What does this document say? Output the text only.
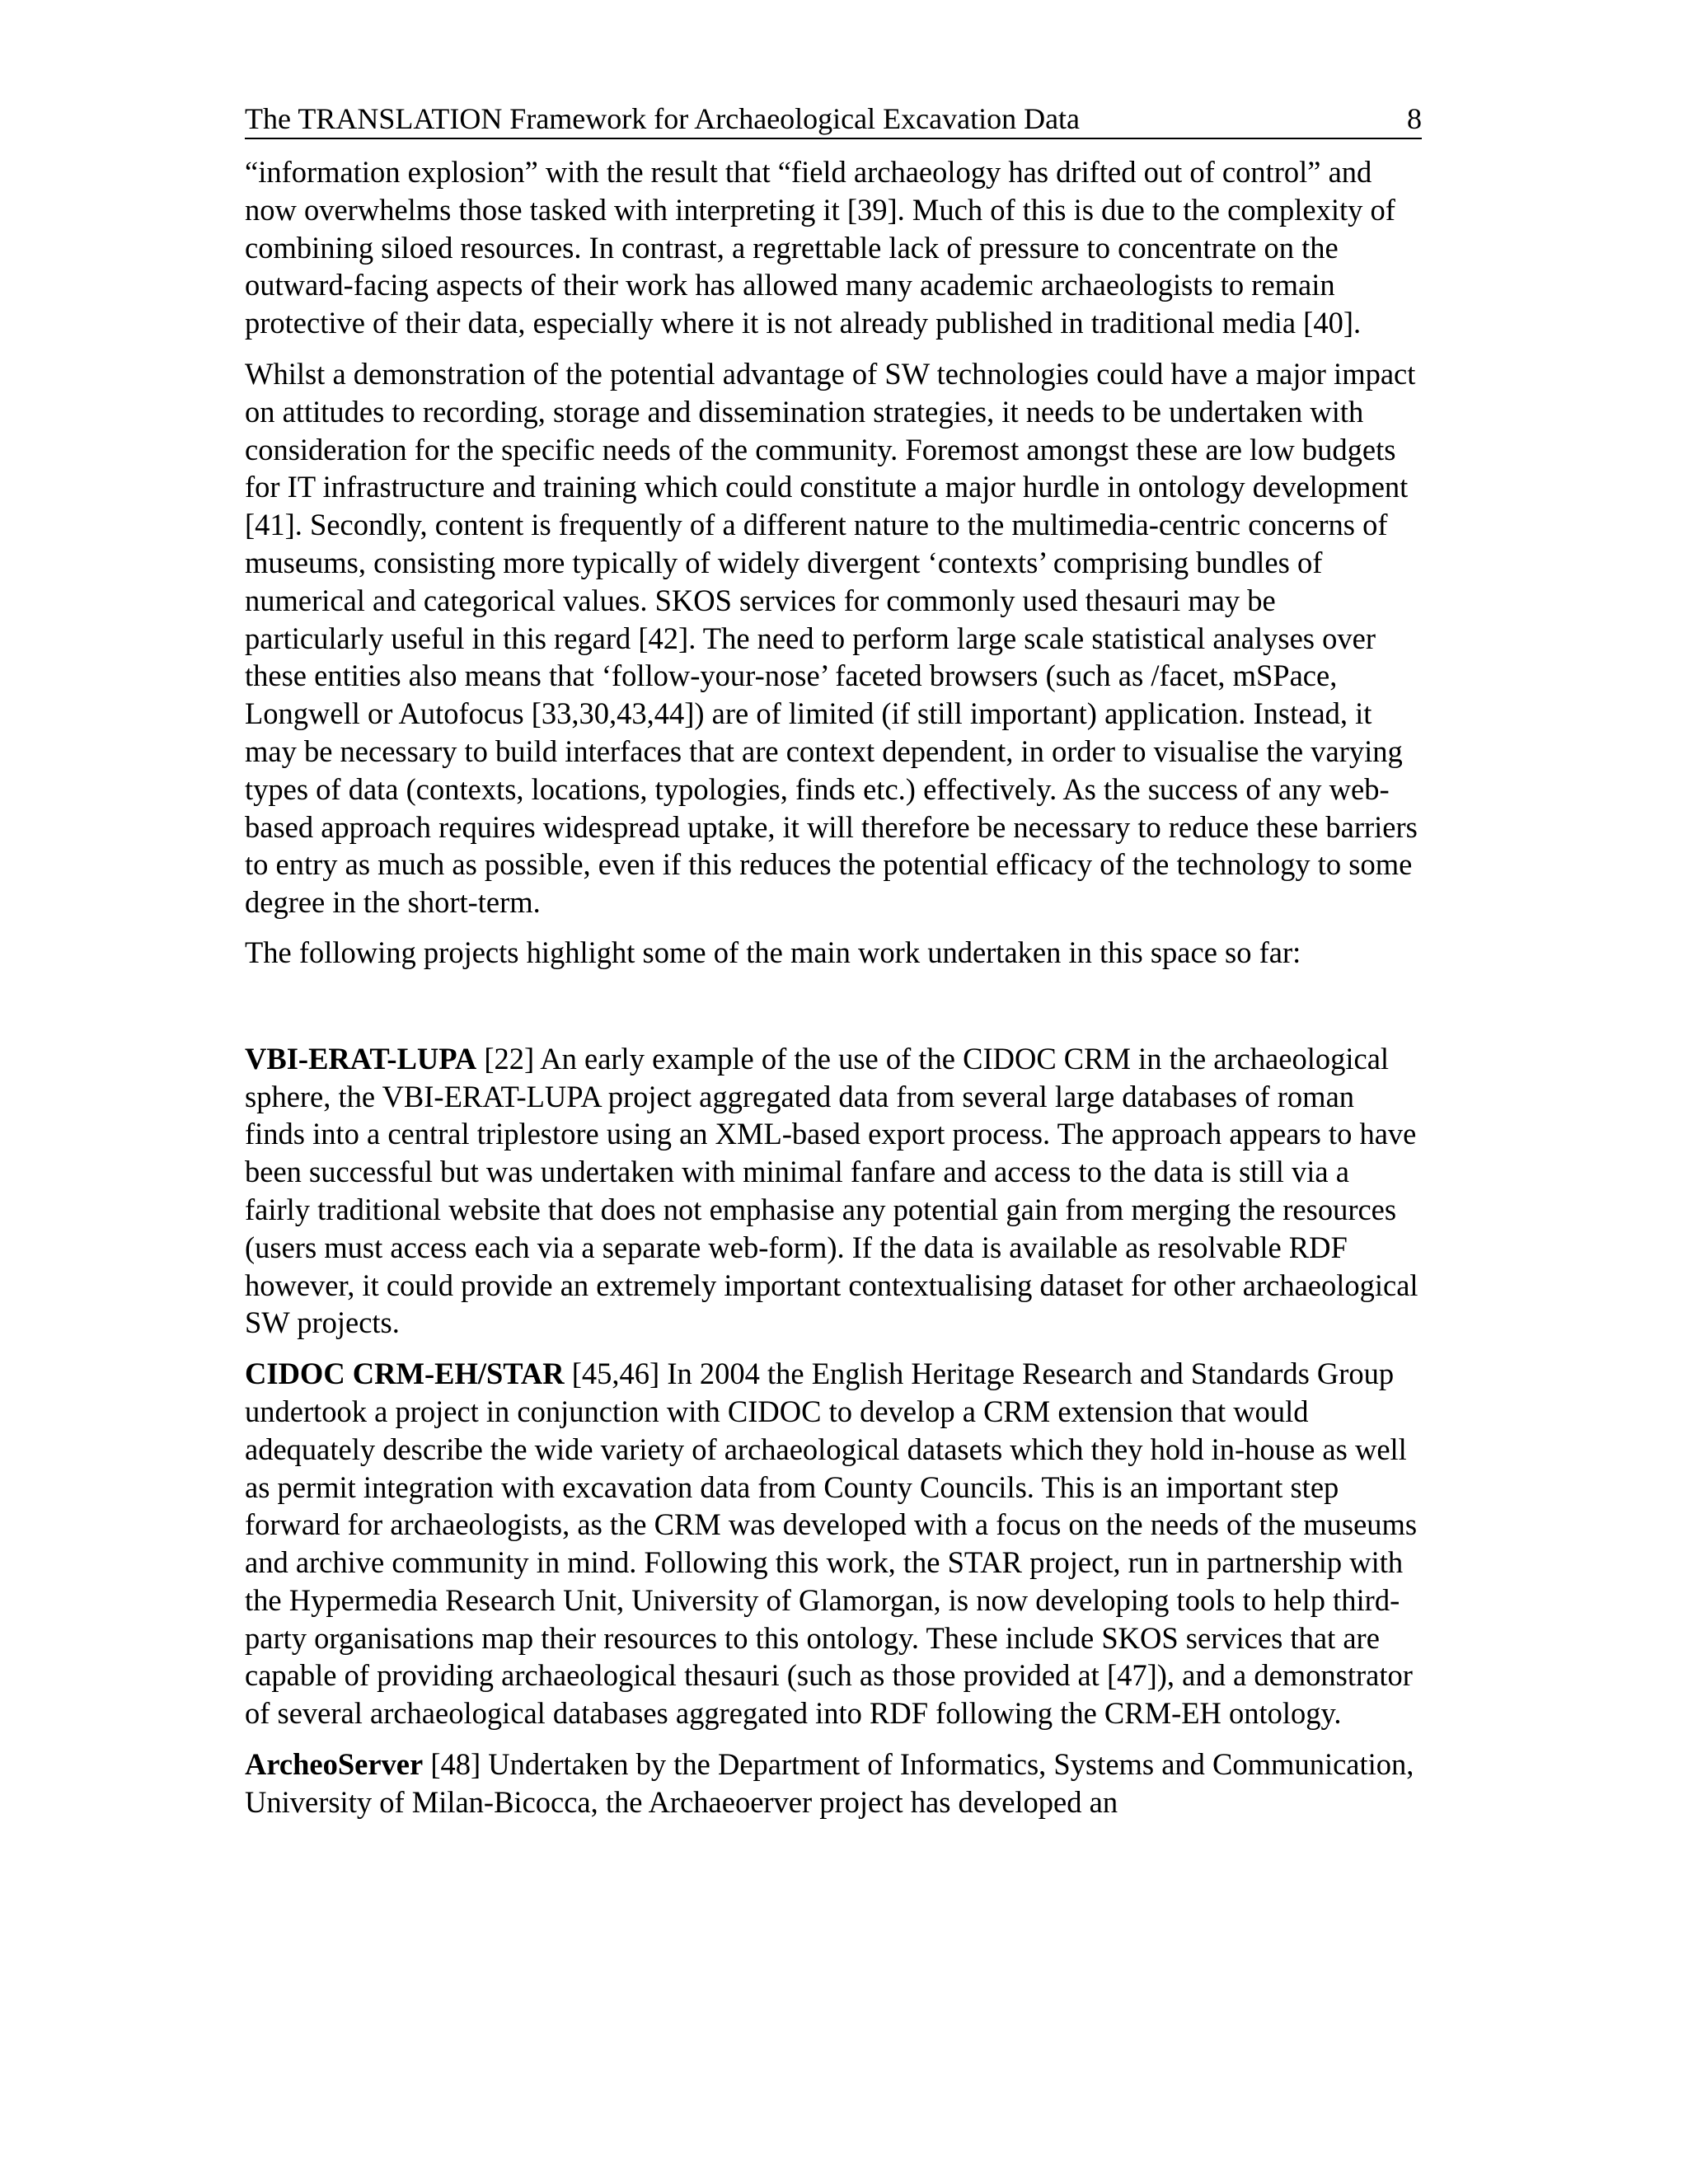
The TRANSLATION Framework for Archaeological Excavation Data	8

“information explosion” with the result that “field archaeology has drifted out of control” and now overwhelms those tasked with interpreting it [39]. Much of this is due to the complexity of combining siloed resources. In contrast, a regrettable lack of pressure to concentrate on the outward-facing aspects of their work has allowed many academic archaeologists to remain protective of their data, especially where it is not already published in traditional media [40].

Whilst a demonstration of the potential advantage of SW technologies could have a major impact on attitudes to recording, storage and dissemination strategies, it needs to be undertaken with consideration for the specific needs of the community. Foremost amongst these are low budgets for IT infrastructure and training which could constitute a major hurdle in ontology development [41]. Secondly, content is frequently of a different nature to the multimedia-centric concerns of museums, consisting more typically of widely divergent ‘contexts’ comprising bundles of numerical and categorical values. SKOS services for commonly used thesauri may be particularly useful in this regard [42]. The need to perform large scale statistical analyses over these entities also means that ‘follow-your-nose’ faceted browsers (such as /facet, mSPace, Longwell or Autofocus [33,30,43,44]) are of limited (if still important) application. Instead, it may be necessary to build interfaces that are context dependent, in order to visualise the varying types of data (contexts, locations, typologies, finds etc.) effectively. As the success of any web-based approach requires widespread uptake, it will therefore be necessary to reduce these barriers to entry as much as possible, even if this reduces the potential efficacy of the technology to some degree in the short-term.

The following projects highlight some of the main work undertaken in this space so far:

VBI-ERAT-LUPA [22] An early example of the use of the CIDOC CRM in the archaeological sphere, the VBI-ERAT-LUPA project aggregated data from several large databases of roman finds into a central triplestore using an XML-based export process. The approach appears to have been successful but was undertaken with minimal fanfare and access to the data is still via a fairly traditional website that does not emphasise any potential gain from merging the resources (users must access each via a separate web-form). If the data is available as resolvable RDF however, it could provide an extremely important contextualising dataset for other archaeological SW projects.

CIDOC CRM-EH/STAR [45,46] In 2004 the English Heritage Research and Standards Group undertook a project in conjunction with CIDOC to develop a CRM extension that would adequately describe the wide variety of archaeological datasets which they hold in-house as well as permit integration with excavation data from County Councils. This is an important step forward for archaeologists, as the CRM was developed with a focus on the needs of the museums and archive community in mind. Following this work, the STAR project, run in partnership with the Hypermedia Research Unit, University of Glamorgan, is now developing tools to help third-party organisations map their resources to this ontology. These include SKOS services that are capable of providing archaeological thesauri (such as those provided at [47]), and a demonstrator of several archaeological databases aggregated into RDF following the CRM-EH ontology.

ArcheoServer [48] Undertaken by the Department of Informatics, Systems and Communication, University of Milan-Bicocca, the Archaeoerver project has developed an
